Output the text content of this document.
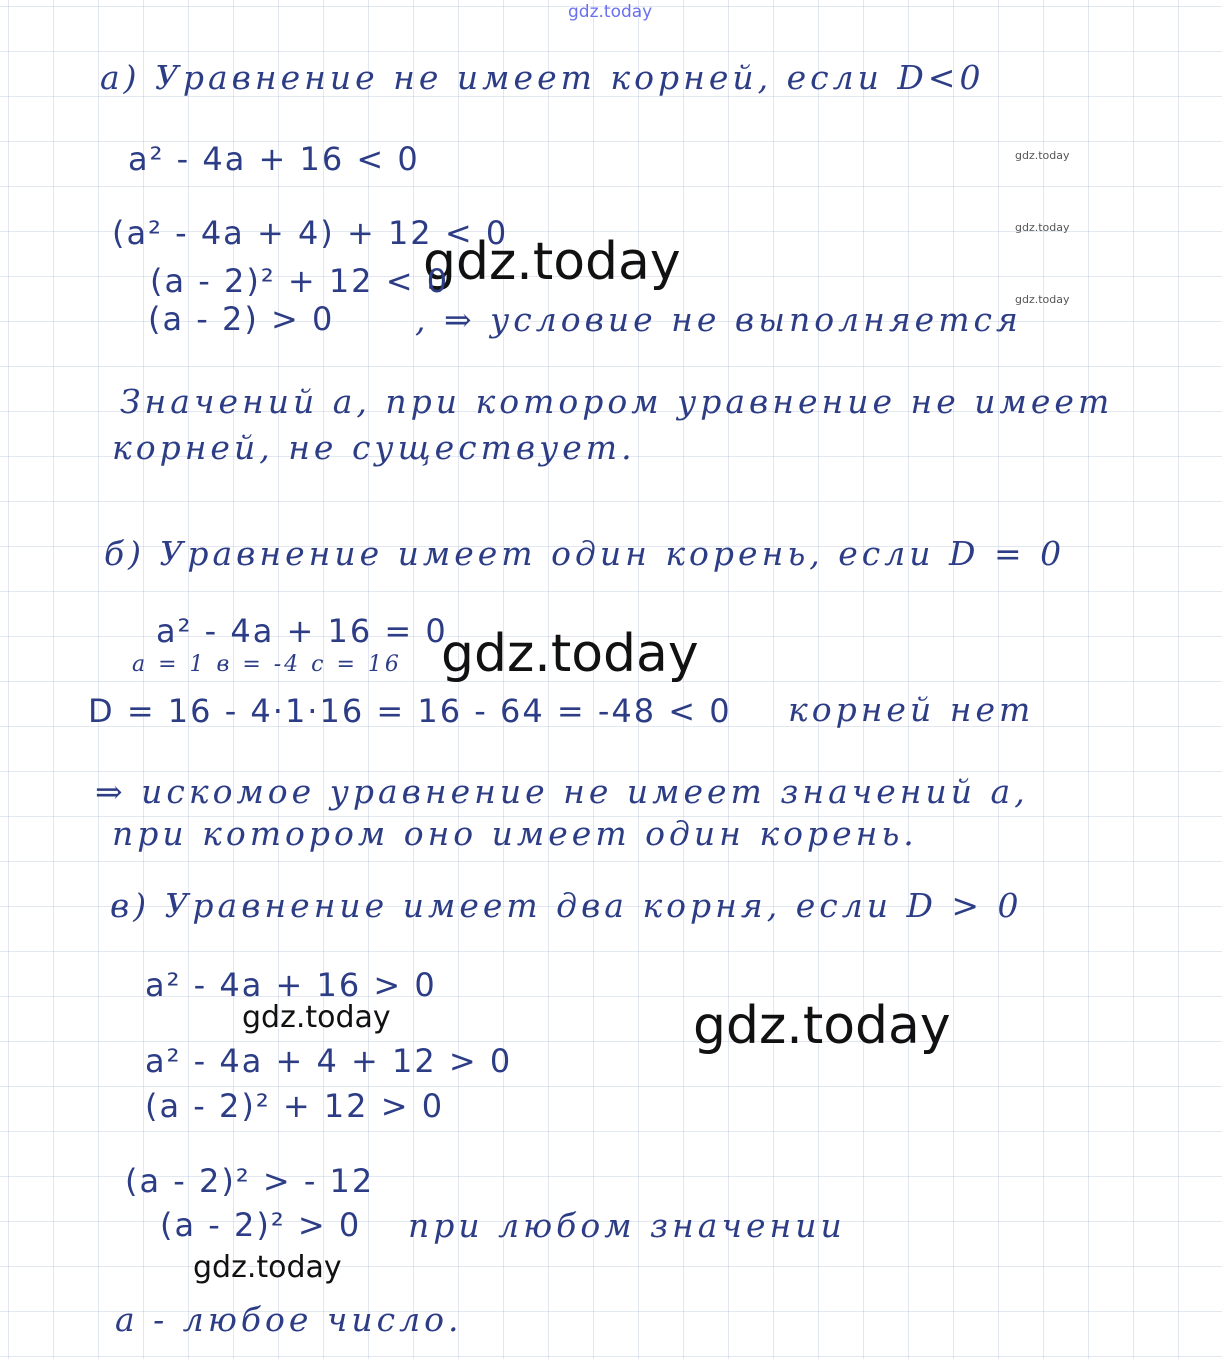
gdz.today
gdz.today
gdz.today
gdz.today
gdz.today
gdz.today
gdz.today
gdz.today
gdz.today
а) Уравнение не имеет корней, если D<0
a² - 4a + 16 < 0
(a² - 4a + 4) + 12 < 0
(a - 2)² + 12 < 0
(a - 2) > 0 , ⇒ условие не выполняется
Значений a, при котором уравнение не имеет
корней, не существует.
б) Уравнение имеет один корень, если D = 0
a² - 4a + 16 = 0
a = 1 в = -4 c = 16
D = 16 - 4·1·16 = 16 - 64 = -48 < 0 корней нет
⇒ искомое уравнение не имеет значений a,
при котором оно имеет один корень.
в) Уравнение имеет два корня, если D > 0
a² - 4a + 16 > 0
a² - 4a + 4 + 12 > 0
(a - 2)² + 12 > 0
(a - 2)² > - 12
(a - 2)² > 0 при любом значении
a - любое число.
